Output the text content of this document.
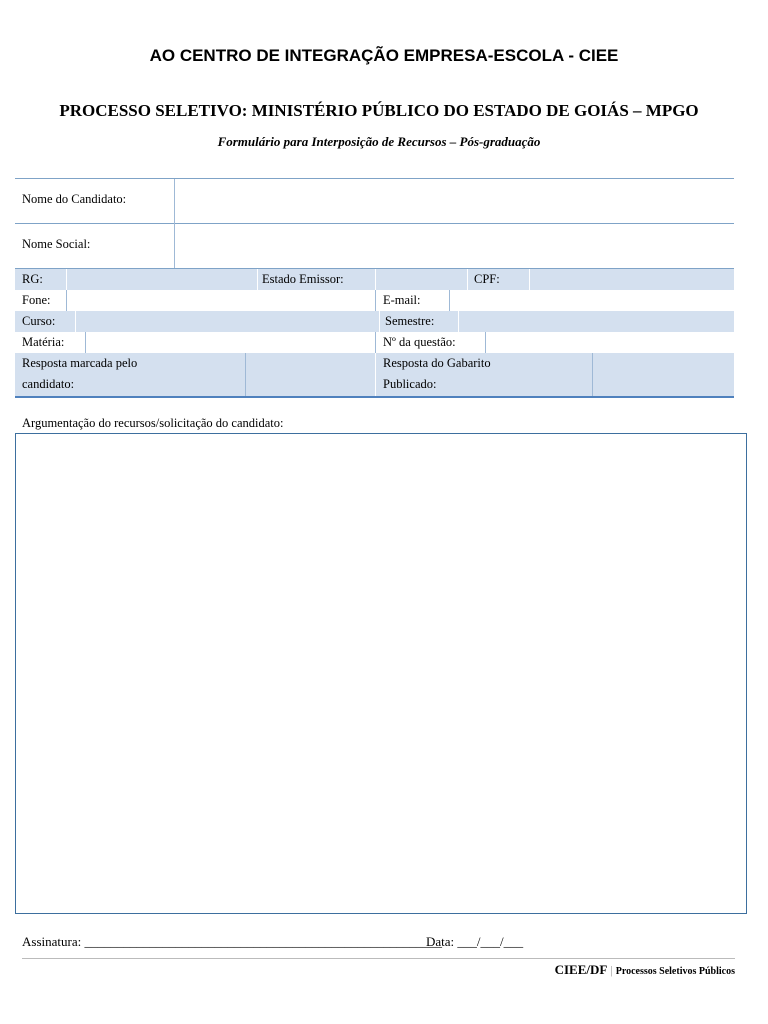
AO CENTRO DE INTEGRAÇÃO EMPRESA-ESCOLA - CIEE
PROCESSO SELETIVO: MINISTÉRIO PÚBLICO DO ESTADO DE GOIÁS – MPGO
Formulário para Interposição de Recursos – Pós-graduação
Nome do Candidato:
Nome Social:
RG:	Estado Emissor:	CPF:
Fone:	E-mail:
Curso:	Semestre:
Matéria:	Nº da questão:
Resposta marcada pelo
candidato:
Resposta do Gabarito
Publicado:
Argumentação do recursos/solicitação do candidato:
Assinatura: _______________________________________________________
Data: ___/___/___
CIEE/DF | Processos Seletivos Públicos
